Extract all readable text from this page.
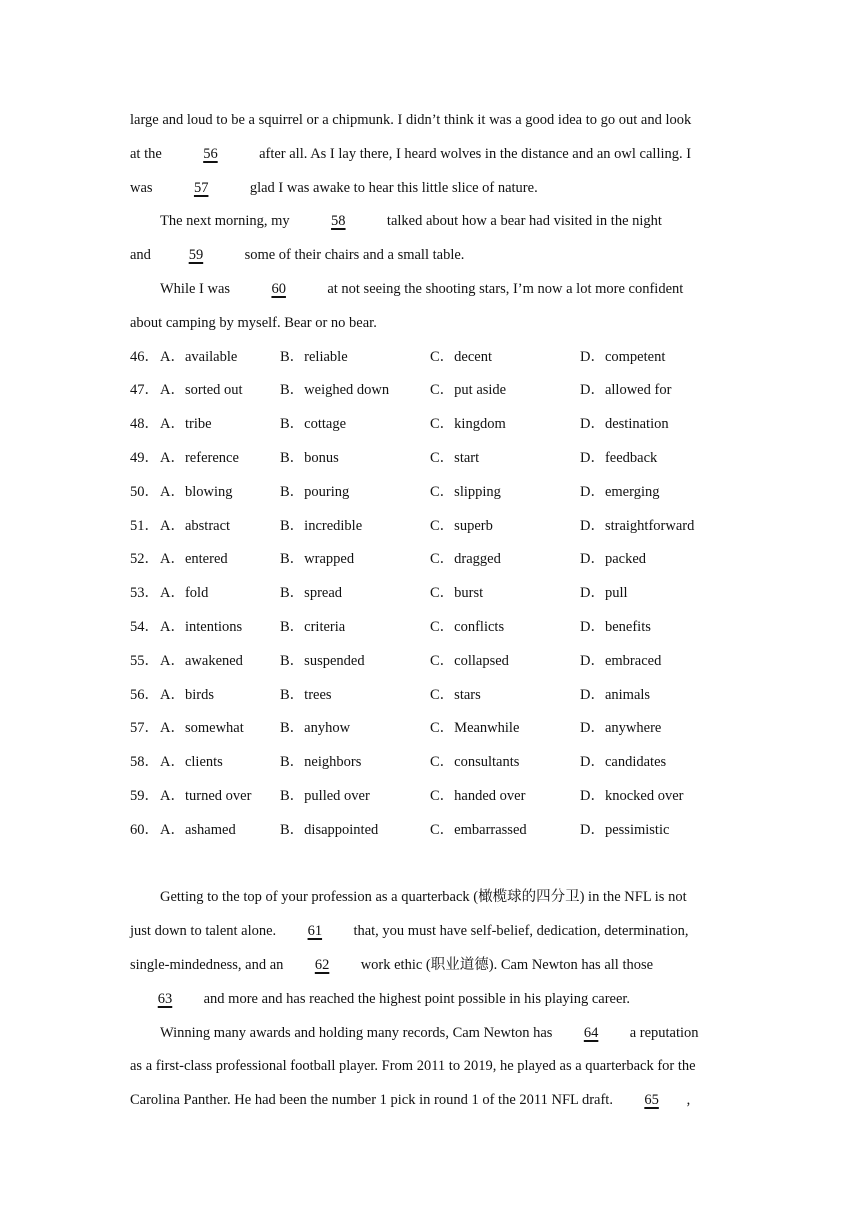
large and loud to be a squirrel or a chipmunk. I didn’t think it was a good idea to go out and look
at the	56	after all. As I lay there, I heard wolves in the distance and an owl calling. I
was	57	glad I was awake to hear this little slice of nature.
The next morning, my	58	talked about how a bear had visited in the night
and	59	some of their chairs and a small table.
While I was	60	at not seeing the shooting stars, I’m now a lot more confident
about camping by myself. Bear or no bear.
46． A．available	B．reliable	C．decent	D．competent
47． A．sorted out	B．weighed down	C．put aside	D．allowed for
48． A．tribe	B．cottage	C．kingdom	D．destination
49． A．reference	B．bonus	C．start	D．feedback
50． A．blowing	B．pouring	C．slipping	D．emerging
51． A．abstract	B．incredible	C．superb	D．straightforward
52． A．entered	B．wrapped	C．dragged	D．packed
53． A．fold	B．spread	C．burst	D．pull
54． A．intentions	B．criteria	C．conflicts	D．benefits
55． A．awakened	B．suspended	C．collapsed	D．embraced
56． A．birds	B．trees	C．stars	D．animals
57． A．somewhat B．anyhow	C．Meanwhile	D．anywhere
58． A．clients	B．neighbors	C．consultants	D．candidates
59． A．turned over B．pulled over	C．handed over	D．knocked over
60． A．ashamed	B．disappointed	C．embarrassed	D．pessimistic
Getting to the top of your profession as a quarterback (橄榄球的四分卫) in the NFL is not
just down to talent alone. 61 that, you must have self-belief, dedication, determination,
single-mindedness, and an 62 work ethic (职业道德). Cam Newton has all those
63 and more and has reached the highest point possible in his playing career.
Winning many awards and holding many records, Cam Newton has 64 a reputation
as a first-class professional football player. From 2011 to 2019, he played as a quarterback for the
Carolina Panther. He had been the number 1 pick in round 1 of the 2011 NFL draft. 65 ,
